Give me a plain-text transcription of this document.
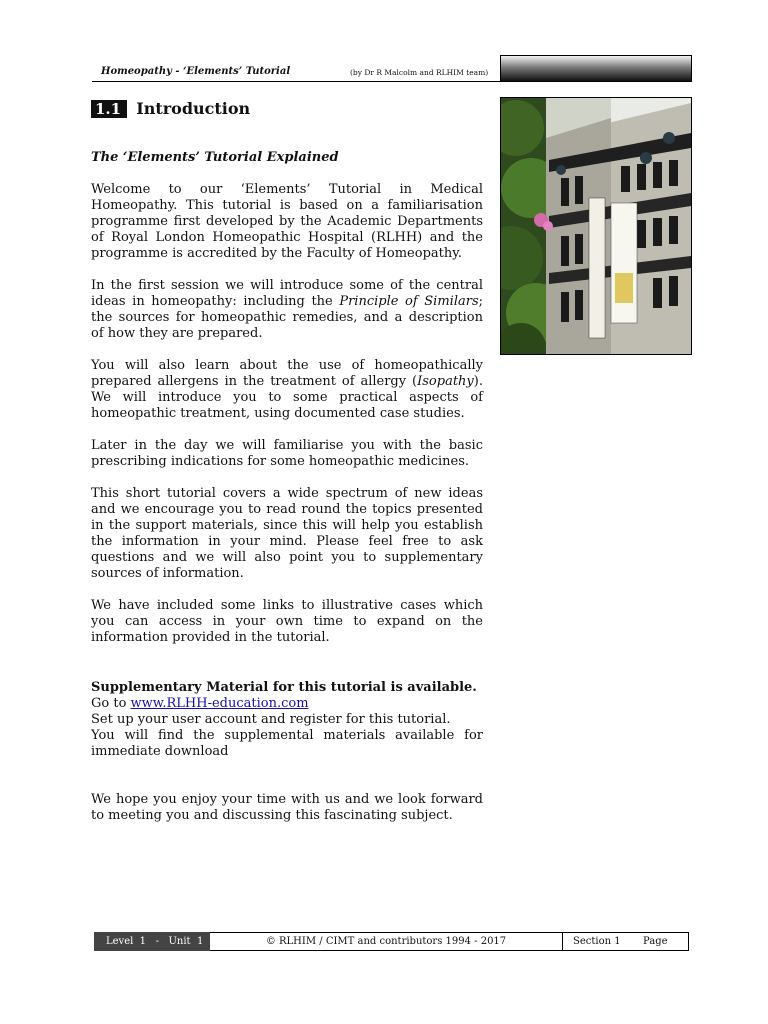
Homeopathy - ‘Elements’ Tutorial	(by Dr R Malcolm and RLHIM team)
1.1 Introduction

The ‘Elements’ Tutorial Explained

Welcome to our ‘Elements’ Tutorial in Medical Homeopathy. This tutorial is based on a familiarisation programme first developed by the Academic Departments of Royal London Homeopathic Hospital (RLHH) and the programme is accredited by the Faculty of Homeopathy.

In the first session we will introduce some of the central ideas in homeopathy: including the Principle of Similars; the sources for homeopathic remedies, and a description of how they are prepared.

You will also learn about the use of homeopathically prepared allergens in the treatment of allergy (Isopathy). We will introduce you to some practical aspects of homeopathic treatment, using documented case studies.

Later in the day we will familiarise you with the basic prescribing indications for some homeopathic medicines.

This short tutorial covers a wide spectrum of new ideas and we encourage you to read round the topics presented in the support materials, since this will help you establish the information in your mind. Please feel free to ask questions and we will also point you to supplementary sources of information.

We have included some links to illustrative cases which you can access in your own time to expand on the information provided in the tutorial.

Supplementary Material for this tutorial is available.
Go to www.RLHH-education.com
Set up your user account and register for this tutorial.
You will find the supplemental materials available for immediate download

We hope you enjoy your time with us and we look forward to meeting you and discussing this fascinating subject.

Level  1   -   Unit  1	© RLHIM / CIMT and contributors 1994 - 2017	Section 1 Page
